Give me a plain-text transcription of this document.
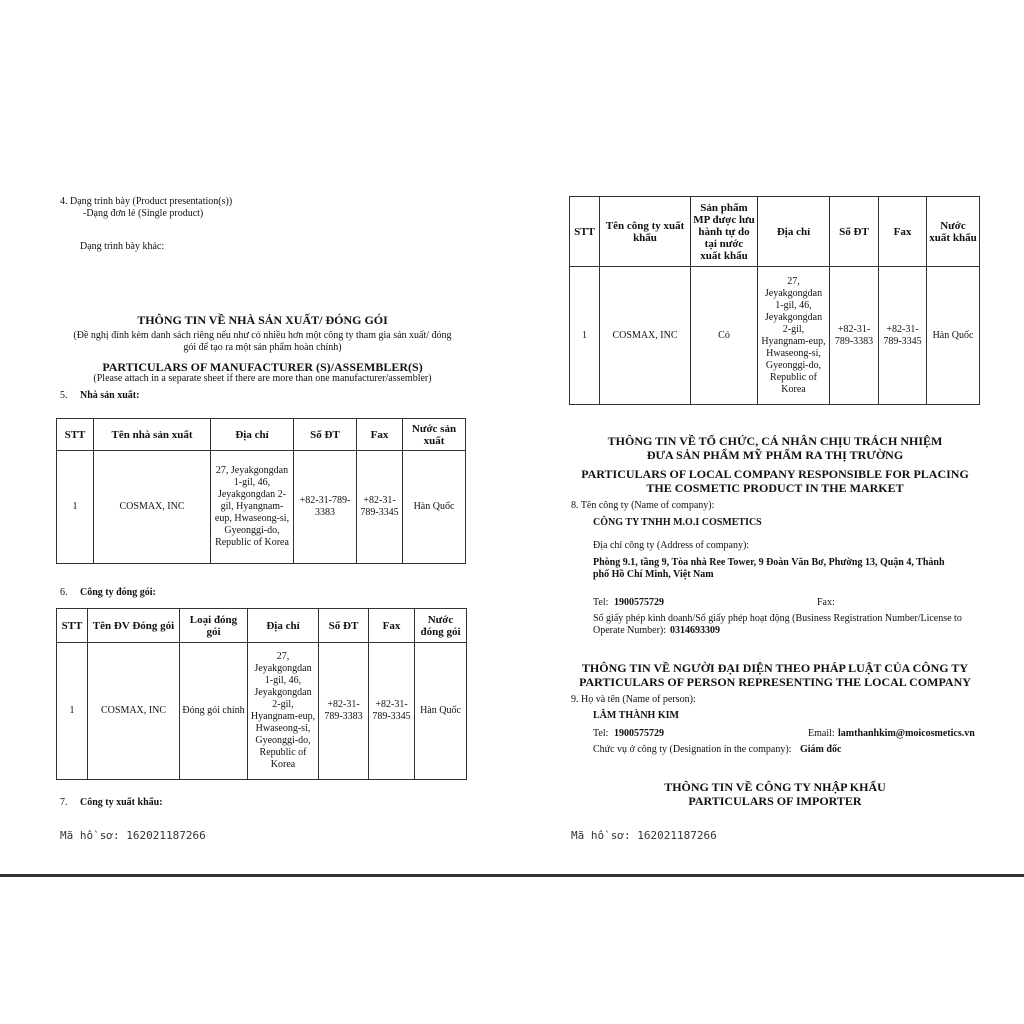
4. Dạng trình bày (Product presentation(s))
-Dạng đơn lẻ (Single product)
Dạng trình bày khác:
THÔNG TIN VỀ NHÀ SẢN XUẤT/ ĐÓNG GÓI
(Đề nghị đính kèm danh sách riêng nếu như có nhiều hơn một công ty tham gia sản xuất/ đóng
gói để tạo ra một sản phẩm hoàn chỉnh)
PARTICULARS OF MANUFACTURER (S)/ASSEMBLER(S)
(Please attach in a separate sheet if there are more than one manufacturer/assembler)
5. Nhà sản xuất:
STT	Tên nhà sản xuất	Địa chỉ	Số ĐT	Fax	Nước sản xuất
1	COSMAX, INC	27, Jeyakgongdan 1-gil, 46, Jeyakgongdan 2-gil, Hyangnam-eup, Hwaseong-si, Gyeonggi-do, Republic of Korea	+82-31-789-3383	+82-31-789-3345	Hàn Quốc
6. Công ty đóng gói:
STT	Tên ĐV Đóng gói	Loại đóng gói	Địa chỉ	Số ĐT	Fax	Nước đóng gói
1	COSMAX, INC	Đóng gói chính	27, Jeyakgongdan 1-gil, 46, Jeyakgongdan 2-gil, Hyangnam-eup, Hwaseong-si, Gyeonggi-do, Republic of Korea	+82-31-789-3383	+82-31-789-3345	Hàn Quốc
7. Công ty xuất khẩu:
Mã hồ sơ: 162021187266
STT	Tên công ty xuất khẩu	Sản phẩm MP được lưu hành tự do tại nước xuất khẩu	Địa chỉ	Số ĐT	Fax	Nước xuất khẩu
1	COSMAX, INC	Có	27, Jeyakgongdan 1-gil, 46, Jeyakgongdan 2-gil, Hyangnam-eup, Hwaseong-si, Gyeonggi-do, Republic of Korea	+82-31-789-3383	+82-31-789-3345	Hàn Quốc
THÔNG TIN VỀ TỔ CHỨC, CÁ NHÂN CHỊU TRÁCH NHIỆM
ĐƯA SẢN PHẨM MỸ PHẨM RA THỊ TRƯỜNG
PARTICULARS OF LOCAL COMPANY RESPONSIBLE FOR PLACING
THE COSMETIC PRODUCT IN THE MARKET
8. Tên công ty (Name of company):
CÔNG TY TNHH M.O.I COSMETICS
Địa chỉ công ty (Address of company):
Phòng 9.1, tầng 9, Tòa nhà Ree Tower, 9 Đoàn Văn Bơ, Phường 13, Quận 4, Thành
phố Hồ Chí Minh, Việt Nam
Tel: 1900575729	Fax:
Số giấy phép kinh doanh/Số giấy phép hoạt động (Business Registration Number/License to
Operate Number): 0314693309
THÔNG TIN VỀ NGƯỜI ĐẠI DIỆN THEO PHÁP LUẬT CỦA CÔNG TY
PARTICULARS OF PERSON REPRESENTING THE LOCAL COMPANY
9. Họ và tên (Name of person):
LÂM THÀNH KIM
Tel: 1900575729	Email: lamthanhkim@moicosmetics.vn
Chức vụ ở công ty (Designation in the company): Giám đốc
THÔNG TIN VỀ CÔNG TY NHẬP KHẨU
PARTICULARS OF IMPORTER
Mã hồ sơ: 162021187266
